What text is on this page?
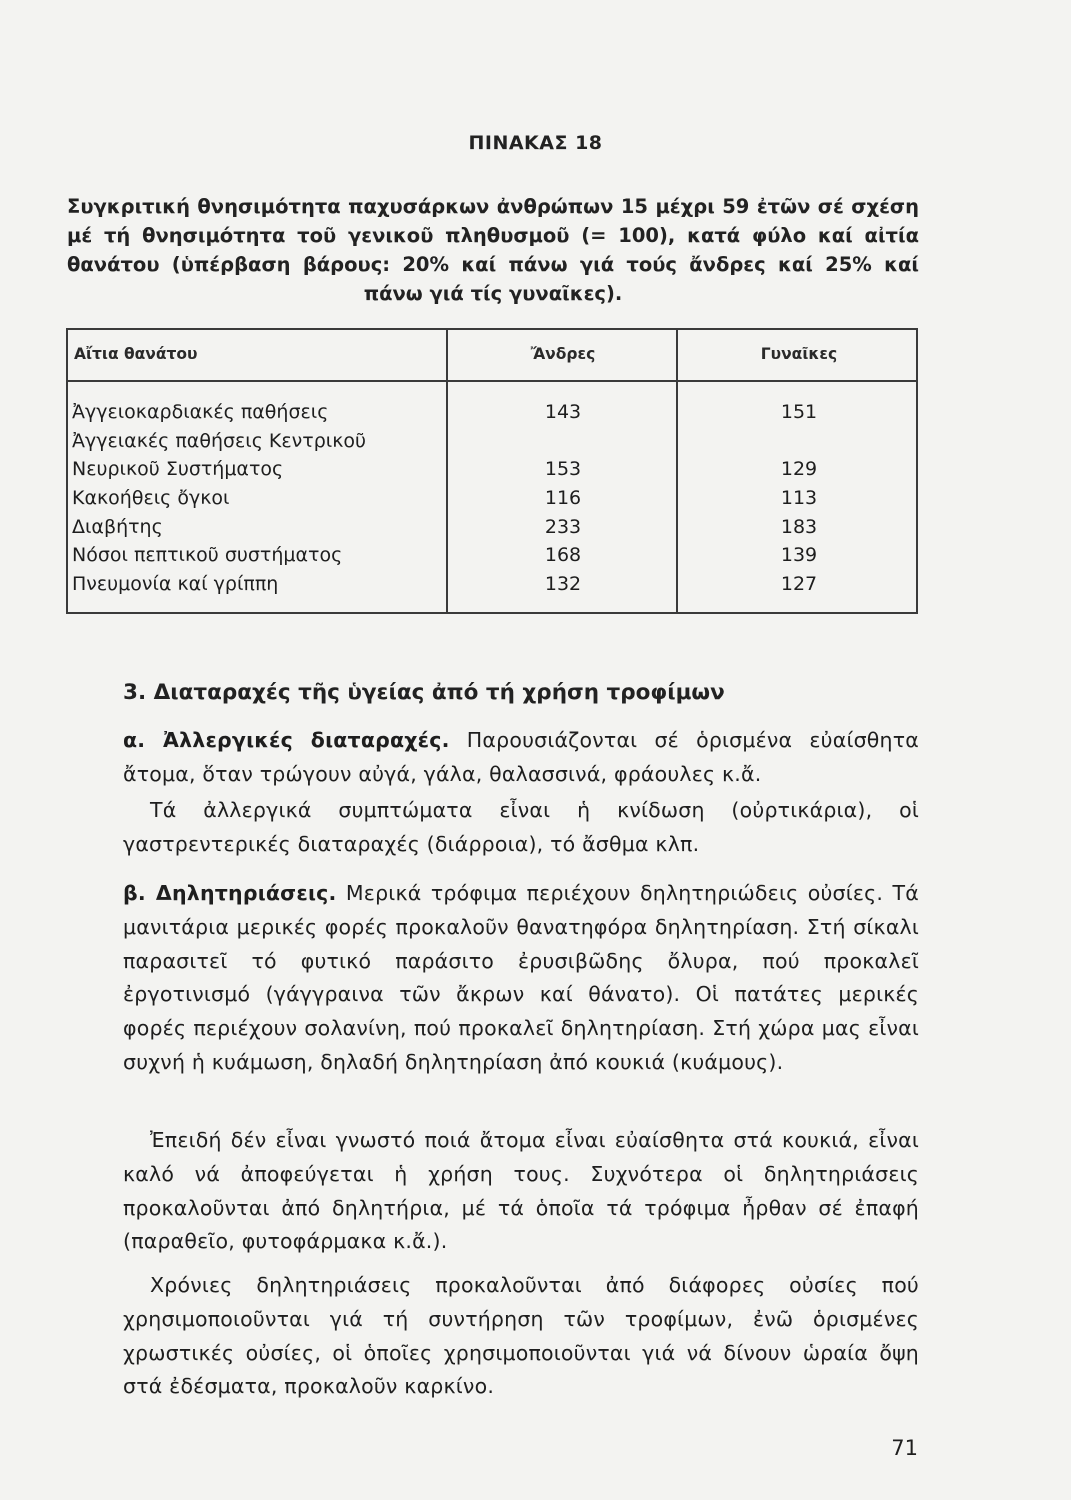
ΠΙΝΑΚΑΣ 18
Συγκριτική θνησιμότητα παχυσάρκων ἀνθρώπων 15 μέχρι 59 ἐτῶν σέ σχέση μέ τή θνησιμότητα τοῦ γενικοῦ πληθυσμοῦ (= 100), κατά φύλο καί αἰτία θανάτου (ὑπέρβαση βάρους: 20% καί πάνω γιά τούς ἄνδρες καί 25% καί πάνω γιά τίς γυναῖκες).
Αἴτια θανάτου	Ἄνδρες	Γυναῖκες
Ἀγγειοκαρδιακές παθήσεις	143	151
Ἀγγειακές παθήσεις Κεντρικοῦ
Νευρικοῦ Συστήματος	153	129
Κακοήθεις ὄγκοι	116	113
Διαβήτης	233	183
Νόσοι πεπτικοῦ συστήματος	168	139
Πνευμονία καί γρίππη	132	127
3. Διαταραχές τῆς ὑγείας ἀπό τή χρήση τροφίμων
α. Ἀλλεργικές διαταραχές. Παρουσιάζονται σέ ὁρισμένα εὐαίσθητα ἄτομα, ὅταν τρώγουν αὐγά, γάλα, θαλασσινά, φράουλες κ.ἄ.
Τά ἀλλεργικά συμπτώματα εἶναι ἡ κνίδωση (οὐρτικάρια), οἱ γαστρεντερικές διαταραχές (διάρροια), τό ἄσθμα κλπ.
β. Δηλητηριάσεις. Μερικά τρόφιμα περιέχουν δηλητηριώδεις οὐσίες. Τά μανιτάρια μερικές φορές προκαλοῦν θανατηφόρα δηλητηρίαση. Στή σίκαλι παρασιτεῖ τό φυτικό παράσιτο ἐρυσιβῶδης ὄλυρα, πού προκαλεῖ ἐργοτινισμό (γάγγραινα τῶν ἄκρων καί θάνατο). Οἱ πατάτες μερικές φορές περιέχουν σολανίνη, πού προκαλεῖ δηλητηρίαση. Στή χώρα μας εἶναι συχνή ἡ κυάμωση, δηλαδή δηλητηρίαση ἀπό κουκιά (κυάμους).
Ἐπειδή δέν εἶναι γνωστό ποιά ἄτομα εἶναι εὐαίσθητα στά κουκιά, εἶναι καλό νά ἀποφεύγεται ἡ χρήση τους. Συχνότερα οἱ δηλητηριάσεις προκαλοῦνται ἀπό δηλητήρια, μέ τά ὁποῖα τά τρόφιμα ἦρθαν σέ ἐπαφή (παραθεῖο, φυτοφάρμακα κ.ἄ.).
Χρόνιες δηλητηριάσεις προκαλοῦνται ἀπό διάφορες οὐσίες πού χρησιμοποιοῦνται γιά τή συντήρηση τῶν τροφίμων, ἐνῶ ὁρισμένες χρωστικές οὐσίες, οἱ ὁποῖες χρησιμοποιοῦνται γιά νά δίνουν ὡραία ὄψη στά ἐδέσματα, προκαλοῦν καρκίνο.
71
